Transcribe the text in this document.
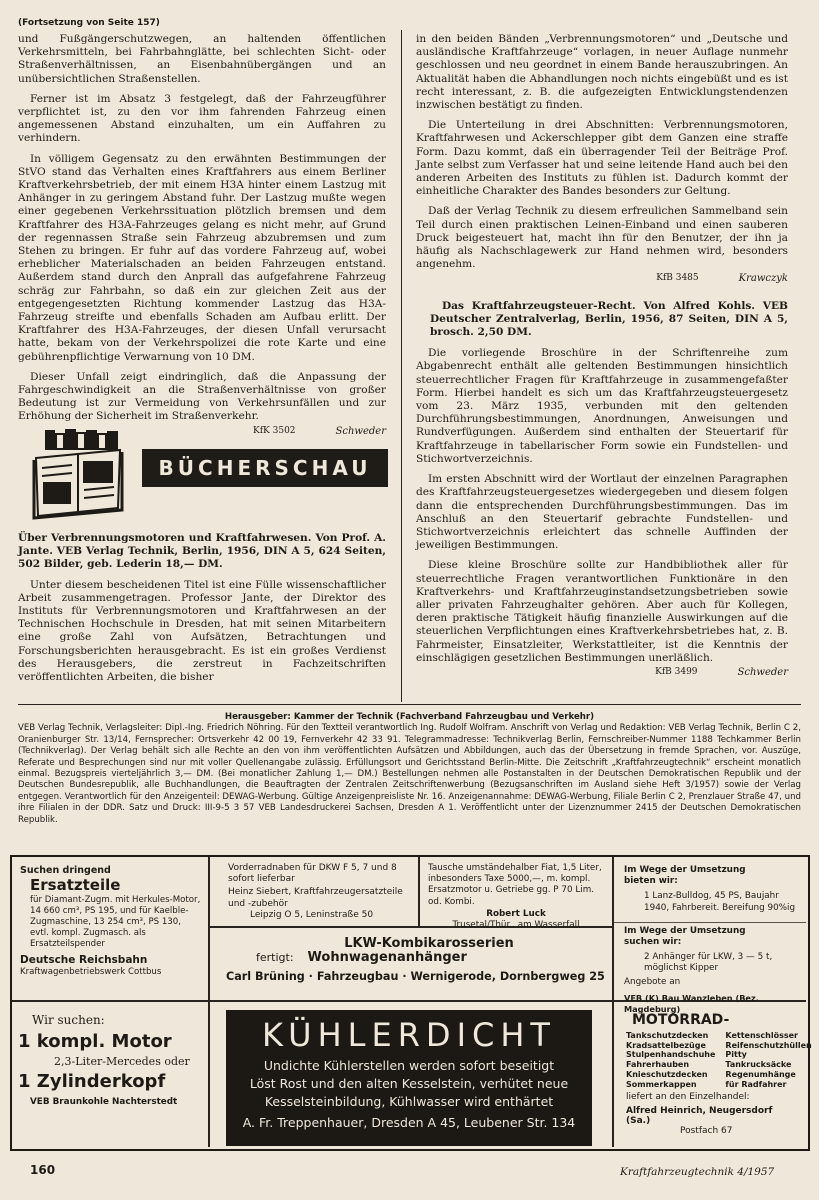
(Fortsetzung von Seite 157)

und Fußgängerschutzwegen, an haltenden öffentlichen Verkehrsmitteln, bei Fahrbahnglätte, bei schlechten Sicht- oder Straßenverhältnissen, an Eisenbahnübergängen und an unübersichtlichen Straßenstellen.

Ferner ist im Absatz 3 festgelegt, daß der Fahrzeugführer verpflichtet ist, zu den vor ihm fahrenden Fahrzeug einen angemessenen Abstand einzuhalten, um ein Auffahren zu verhindern.

In völligem Gegensatz zu den erwähnten Bestimmungen der StVO stand das Verhalten eines Kraftfahrers aus einem Berliner Kraftverkehrsbetrieb, der mit einem H3A hinter einem Lastzug mit Anhänger in zu geringem Abstand fuhr. Der Lastzug mußte wegen einer gegebenen Verkehrssituation plötzlich bremsen und dem Kraftfahrer des H3A-Fahrzeuges gelang es nicht mehr, auf Grund der regennassen Straße sein Fahrzeug abzubremsen und zum Stehen zu bringen. Er fuhr auf das vordere Fahrzeug auf, wobei erheblicher Materialschaden an beiden Fahrzeugen entstand. Außerdem stand durch den Anprall das aufgefahrene Fahrzeug schräg zur Fahrbahn, so daß ein zur gleichen Zeit aus der entgegengesetzten Richtung kommender Lastzug das H3A-Fahrzeug streifte und ebenfalls Schaden am Aufbau erlitt. Der Kraftfahrer des H3A-Fahrzeuges, der diesen Unfall verursacht hatte, bekam von der Verkehrspolizei die rote Karte und eine gebührenpflichtige Verwarnung von 10 DM.

Dieser Unfall zeigt eindringlich, daß die Anpassung der Fahrgeschwindigkeit an die Straßenverhältnisse von großer Bedeutung ist zur Vermeidung von Verkehrsunfällen und zur Erhöhung der Sicherheit im Straßenverkehr.

KfK 3502	Schweder
BÜCHERSCHAU

Über Verbrennungsmotoren und Kraftfahrwesen. Von Prof. A. Jante. VEB Verlag Technik, Berlin, 1956, DIN A 5, 624 Seiten, 502 Bilder, geb. Lederin 18,— DM.

Unter diesem bescheidenen Titel ist eine Fülle wissenschaftlicher Arbeit zusammengetragen. Professor Jante, der Direktor des Instituts für Verbrennungsmotoren und Kraftfahrwesen an der Technischen Hochschule in Dresden, hat mit seinen Mitarbeitern eine große Zahl von Aufsätzen, Betrachtungen und Forschungsberichten herausgebracht. Es ist ein großes Verdienst des Herausgebers, die zerstreut in Fachzeitschriften veröffentlichten Arbeiten, die bisher

in den beiden Bänden „Verbrennungsmotoren“ und „Deutsche und ausländische Kraftfahrzeuge“ vorlagen, in neuer Auflage nunmehr geschlossen und neu geordnet in einem Bande herauszubringen. An Aktualität haben die Abhandlungen noch nichts eingebüßt und es ist recht interessant, z. B. die aufgezeigten Entwicklungstendenzen inzwischen bestätigt zu finden.

Die Unterteilung in drei Abschnitten: Verbrennungsmotoren, Kraftfahrwesen und Ackerschlepper gibt dem Ganzen eine straffe Form. Dazu kommt, daß ein überragender Teil der Beiträge Prof. Jante selbst zum Verfasser hat und seine leitende Hand auch bei den anderen Arbeiten des Instituts zu fühlen ist. Dadurch kommt der einheitliche Charakter des Bandes besonders zur Geltung.

Daß der Verlag Technik zu diesem erfreulichen Sammelband sein Teil durch einen praktischen Leinen-Einband und einen sauberen Druck beigesteuert hat, macht ihn für den Benutzer, der ihn ja häufig als Nachschlagewerk zur Hand nehmen wird, besonders angenehm.

KfB 3485	Krawczyk

Das Kraftfahrzeugsteuer-Recht. Von Alfred Kohls. VEB Deutscher Zentralverlag, Berlin, 1956, 87 Seiten, DIN A 5, brosch. 2,50 DM.

Die vorliegende Broschüre in der Schriftenreihe zum Abgabenrecht enthält alle geltenden Bestimmungen hinsichtlich steuerrechtlicher Fragen für Kraftfahrzeuge in zusammengefaßter Form. Hierbei handelt es sich um das Kraftfahrzeugsteuergesetz vom 23. März 1935, verbunden mit den geltenden Durchführungsbestimmungen, Anordnungen, Anweisungen und Rundverfügungen. Außerdem sind enthalten der Steuertarif für Kraftfahrzeuge in tabellarischer Form sowie ein Fundstellen- und Stichwortverzeichnis.

Im ersten Abschnitt wird der Wortlaut der einzelnen Paragraphen des Kraftfahrzeugsteuergesetzes wiedergegeben und diesem folgen dann die entsprechenden Durchführungsbestimmungen. Das im Anschluß an den Steuertarif gebrachte Fundstellen- und Stichwortverzeichnis erleichtert das schnelle Auffinden der jeweiligen Bestimmungen.

Diese kleine Broschüre sollte zur Handbibliothek aller für steuerrechtliche Fragen verantwortlichen Funktionäre in den Kraftverkehrs- und Kraftfahrzeuginstandsetzungsbetrieben sowie aller privaten Fahrzeughalter gehören. Aber auch für Kollegen, deren praktische Tätigkeit häufig finanzielle Auswirkungen auf die steuerlichen Verpflichtungen eines Kraftverkehrsbetriebes hat, z. B. Fahrmeister, Einsatzleiter, Werkstattleiter, ist die Kenntnis der einschlägigen gesetzlichen Bestimmungen unerläßlich.

KfB 3499	Schweder
Herausgeber: Kammer der Technik (Fachverband Fahrzeugbau und Verkehr)
VEB Verlag Technik, Verlagsleiter: Dipl.-Ing. Friedrich Nöhring. Für den Textteil verantwortlich Ing. Rudolf Wolfram. Anschrift von Verlag und Redaktion: VEB Verlag Technik, Berlin C 2, Oranienburger Str. 13/14, Fernsprecher: Ortsverkehr 42 00 19, Fernverkehr 42 33 91. Telegrammadresse: Technikverlag Berlin, Fernschreiber-Nummer 1188 Techkammer Berlin (Technikverlag). Der Verlag behält sich alle Rechte an den von ihm veröffentlichten Aufsätzen und Abbildungen, auch das der Übersetzung in fremde Sprachen, vor. Auszüge, Referate und Besprechungen sind nur mit voller Quellenangabe zulässig. Erfüllungsort und Gerichtsstand Berlin-Mitte. Die Zeitschrift „Kraftfahrzeugtechnik“ erscheint monatlich einmal. Bezugspreis vierteljährlich 3,— DM. (Bei monatlicher Zahlung 1,— DM.) Bestellungen nehmen alle Postanstalten in der Deutschen Demokratischen Republik und der Deutschen Bundesrepublik, alle Buchhandlungen, die Beauftragten der Zentralen Zeitschriftenwerbung (Bezugsanschriften im Ausland siehe Heft 3/1957) sowie der Verlag entgegen. Verantwortlich für den Anzeigenteil: DEWAG-Werbung. Gültige Anzeigenpreisliste Nr. 16. Anzeigenannahme: DEWAG-Werbung, Filiale Berlin C 2, Prenzlauer Straße 47, und ihre Filialen in der DDR. Satz und Druck: III-9-5 3 57 VEB Landesdruckerei Sachsen, Dresden A 1. Veröffentlicht unter der Lizenznummer 2415 der Deutschen Demokratischen Republik.
Suchen dringend
Ersatzteile
für Diamant-Zugm. mit Herkules-Motor, 14 660 cm³, PS 195, und für Kaelble-Zugmaschine, 13 254 cm³, PS 130, evtl. kompl. Zugmasch. als Ersatzteilspender
Deutsche Reichsbahn
Kraftwagenbetriebswerk Cottbus
Vorderradnaben für DKW F 5, 7 und 8 sofort lieferbar
Heinz Siebert, Kraftfahrzeugersatzteile und -zubehör
Leipzig O 5, Leninstraße 50
Tausche umständehalber Fiat, 1,5 Liter, inbesonders Taxe 5000,—, m. kompl. Ersatzmotor u. Getriebe gg. P 70 Lim. od. Kombi.
Robert Luck
Trusetal/Thür., am Wasserfall
Im Wege der Umsetzung bieten wir:
1 Lanz-Bulldog, 45 PS, Baujahr 1940, Fahrbereit. Bereifung 90%ig
Im Wege der Umsetzung suchen wir:
2 Anhänger für LKW, 3 — 5 t, möglichst Kipper
Angebote an
VEB (K) Bau Wanzleben (Bez. Magdeburg)
LKW-Kombikarosserien
fertigt: Wohnwagenanhänger
Carl Brüning · Fahrzeugbau · Wernigerode, Dornbergweg 25
Wir suchen:
1 kompl. Motor
2,3-Liter-Mercedes oder
1 Zylinderkopf
VEB Braunkohle Nachterstedt
KÜHLERDICHT
Undichte Kühlerstellen werden sofort beseitigt
Löst Rost und den alten Kesselstein, verhütet neue
Kesselsteinbildung, Kühlwasser wird enthärtet
A. Fr. Treppenhauer, Dresden A 45, Leubener Str. 134
MOTORRAD-
Tankschutzdecken
Kradsattelbezüge
Stulpenhandschuhe
Fahrerhauben
Knieschutzdecken
Sommerkappen
Kettenschlösser
Reifenschutzhüllen
Pitty
Tankrucksäcke
Regenumhänge
für Radfahrer
liefert an den Einzelhandel:
Alfred Heinrich, Neugersdorf (Sa.)
Postfach 67
160	Kraftfahrzeugtechnik 4/1957
